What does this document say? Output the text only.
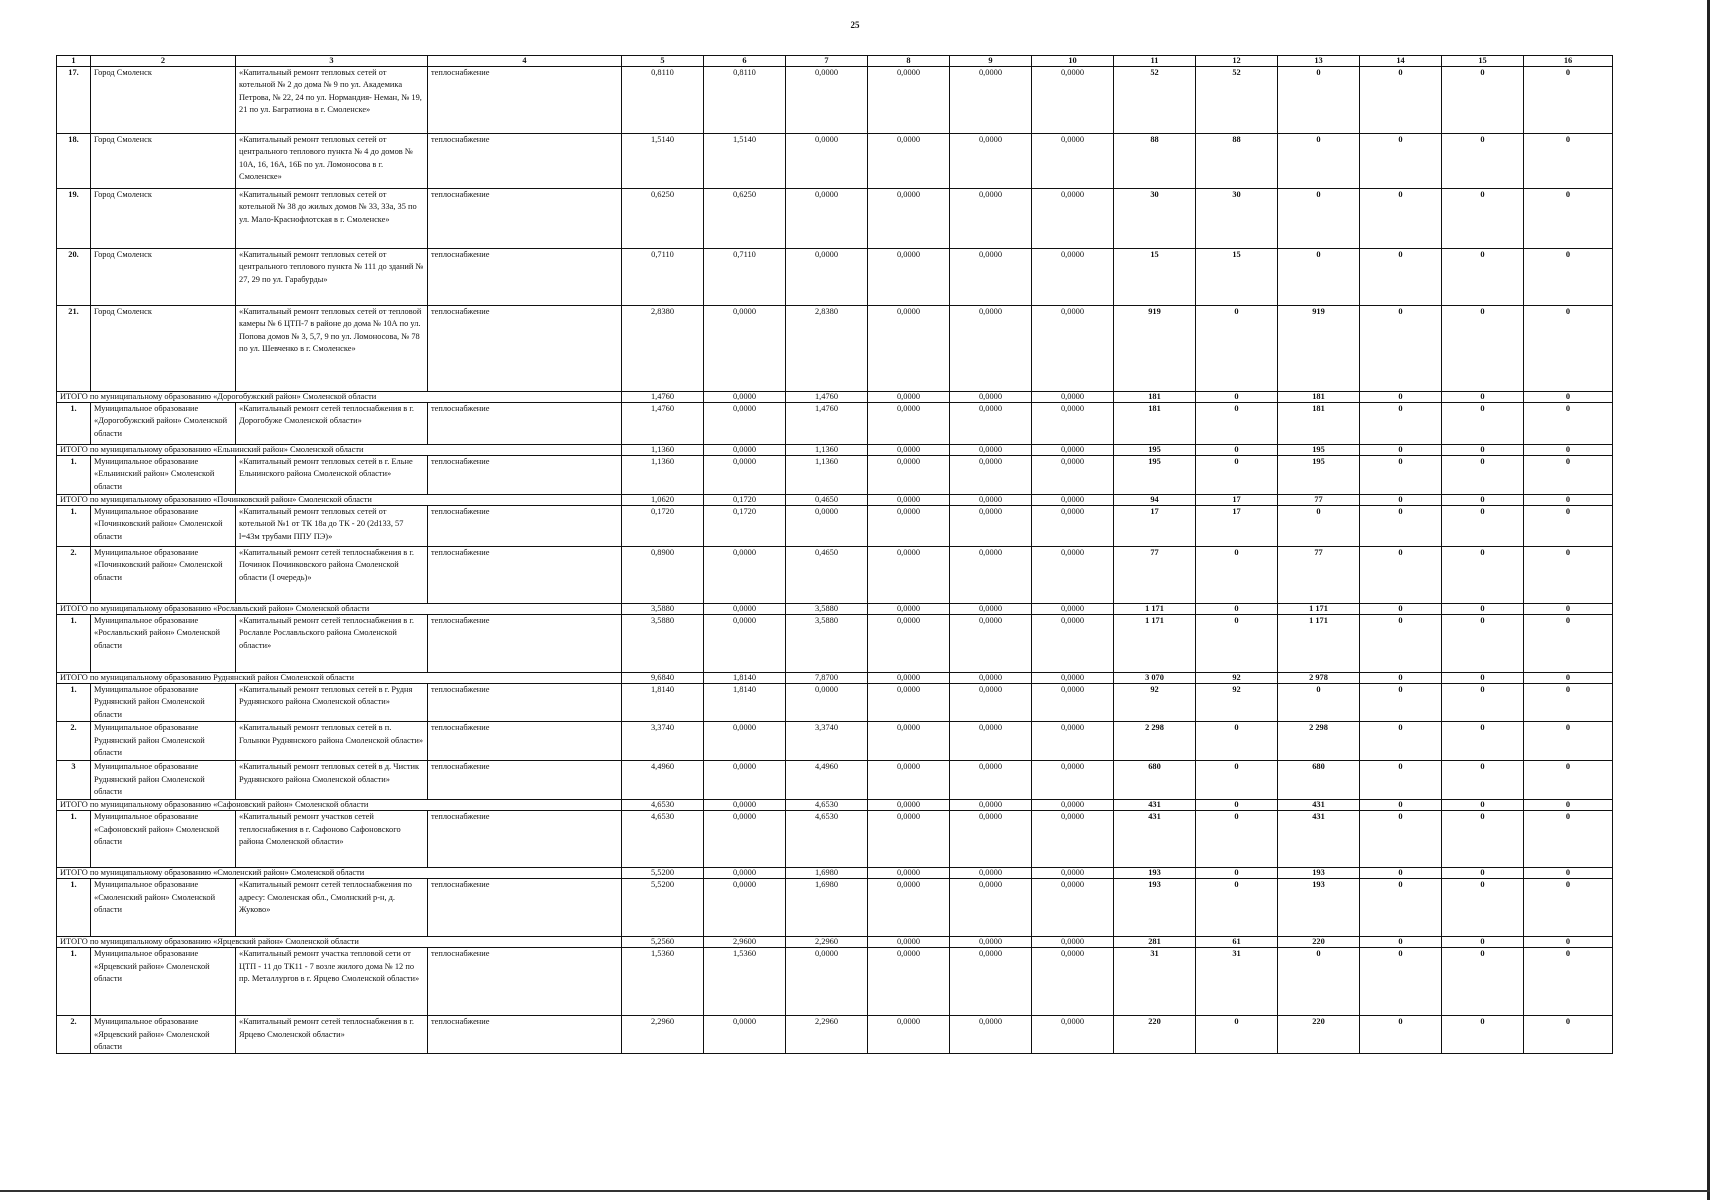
25
1	2	3	4	5	6	7	8	9	10	11	12	13	14	15	16
17.	Город Смоленск	«Капитальный ремонт тепловых сетей от котельной № 2 до дома № 9 по ул. Академика Петрова, № 22, 24 по ул. Нормандия- Неман, № 19, 21 по ул. Багратиона в г. Смоленске»	теплоснабжение	0,8110	0,8110	0,0000	0,0000	0,0000	0,0000	52	52	0	0	0	0
18.	Город Смоленск	«Капитальный ремонт тепловых сетей от центрального теплового пункта № 4 до домов № 10А, 16, 16А, 16Б по ул. Ломоносова в г. Смоленске»	теплоснабжение	1,5140	1,5140	0,0000	0,0000	0,0000	0,0000	88	88	0	0	0	0
19.	Город Смоленск	«Капитальный ремонт тепловых сетей от котельной № 38 до жилых домов № 33, 33а, 35 по ул. Мало-Краснофлотская в г. Смоленске»	теплоснабжение	0,6250	0,6250	0,0000	0,0000	0,0000	0,0000	30	30	0	0	0	0
20.	Город Смоленск	«Капитальный ремонт тепловых сетей от центрального теплового пункта № 111 до зданий № 27, 29 по ул. Гарабурды»	теплоснабжение	0,7110	0,7110	0,0000	0,0000	0,0000	0,0000	15	15	0	0	0	0
21.	Город Смоленск	«Капитальный ремонт тепловых сетей от тепловой камеры № 6 ЦТП-7 в районе до дома № 10А по ул. Попова домов № 3, 5,7, 9 по ул. Ломоносова, № 78 по ул. Шевченко в г. Смоленске»	теплоснабжение	2,8380	0,0000	2,8380	0,0000	0,0000	0,0000	919	0	919	0	0	0
ИТОГО по муниципальному образованию «Дорогобужский район» Смоленской области				1,4760	0,0000	1,4760	0,0000	0,0000	0,0000	181	0	181	0	0	0
1.	Муниципальное образование «Дорогобужский район» Смоленской области	«Капитальный ремонт сетей теплоснабжения в г. Дорогобуже Смоленской области»	теплоснабжение	1,4760	0,0000	1,4760	0,0000	0,0000	0,0000	181	0	181	0	0	0
ИТОГО по муниципальному образованию «Ельнинский район» Смоленской области				1,1360	0,0000	1,1360	0,0000	0,0000	0,0000	195	0	195	0	0	0
1.	Муниципальное образование «Ельнинский район» Смоленской области	«Капитальный ремонт тепловых сетей в г. Ельне Ельнинского района Смоленской области»	теплоснабжение	1,1360	0,0000	1,1360	0,0000	0,0000	0,0000	195	0	195	0	0	0
ИТОГО по муниципальному образованию «Починковский район» Смоленской области				1,0620	0,1720	0,4650	0,0000	0,0000	0,0000	94	17	77	0	0	0
1.	Муниципальное образование «Починковский район» Смоленской области	«Капитальный ремонт тепловых сетей от котельной №1 от ТК 18а до ТК - 20 (2d133, 57 l=43м трубами ППУ ПЭ)»	теплоснабжение	0,1720	0,1720	0,0000	0,0000	0,0000	0,0000	17	17	0	0	0	0
2.	Муниципальное образование «Починковский район» Смоленской области	«Капитальный ремонт сетей теплоснабжения в г. Починок Починковского района Смоленской области (I очередь)»	теплоснабжение	0,8900	0,0000	0,4650	0,0000	0,0000	0,0000	77	0	77	0	0	0
ИТОГО по муниципальному образованию «Рославльский район» Смоленской области				3,5880	0,0000	3,5880	0,0000	0,0000	0,0000	1 171	0	1 171	0	0	0
1.	Муниципальное образование «Рославльский район» Смоленской области	«Капитальный ремонт сетей теплоснабжения в г. Рославле Рославльского района Смоленской области»	теплоснабжение	3,5880	0,0000	3,5880	0,0000	0,0000	0,0000	1 171	0	1 171	0	0	0
ИТОГО по муниципальному образованию Руднянский район Смоленской области				9,6840	1,8140	7,8700	0,0000	0,0000	0,0000	3 070	92	2 978	0	0	0
1.	Муниципальное образование Руднянский район Смоленской области	«Капитальный ремонт тепловых сетей в г. Рудня Руднянского района Смоленской области»	теплоснабжение	1,8140	1,8140	0,0000	0,0000	0,0000	0,0000	92	92	0	0	0	0
2.	Муниципальное образование Руднянский район Смоленской области	«Капитальный ремонт тепловых сетей в п. Голынки Руднянского района Смоленской области»	теплоснабжение	3,3740	0,0000	3,3740	0,0000	0,0000	0,0000	2 298	0	2 298	0	0	0
3	Муниципальное образование Руднянский район Смоленской области	«Капитальный ремонт тепловых сетей в д. Чистик Руднянского района Смоленской области»	теплоснабжение	4,4960	0,0000	4,4960	0,0000	0,0000	0,0000	680	0	680	0	0	0
ИТОГО по муниципальному образованию «Сафоновский район» Смоленской области				4,6530	0,0000	4,6530	0,0000	0,0000	0,0000	431	0	431	0	0	0
1.	Муниципальное образование «Сафоновский район» Смоленской области	«Капитальный ремонт участков сетей теплоснабжения в г. Сафоново Сафоновского района Смоленской области»	теплоснабжение	4,6530	0,0000	4,6530	0,0000	0,0000	0,0000	431	0	431	0	0	0
ИТОГО по муниципальному образованию «Смоленский район» Смоленской области				5,5200	0,0000	1,6980	0,0000	0,0000	0,0000	193	0	193	0	0	0
1.	Муниципальное образование «Смоленский район» Смоленской области	«Капитальный ремонт сетей теплоснабжения по адресу: Смоленская обл., Смолнский р-н, д. Жуково»	теплоснабжение	5,5200	0,0000	1,6980	0,0000	0,0000	0,0000	193	0	193	0	0	0
ИТОГО по муниципальному образованию «Ярцевский район» Смоленской области				5,2560	2,9600	2,2960	0,0000	0,0000	0,0000	281	61	220	0	0	0
1.	Муниципальное образование «Ярцевский район» Смоленской области	«Капитальный ремонт участка тепловой сети от ЦТП - 11 до ТК11 - 7 возле жилого дома № 12 по пр. Металлургов в г. Ярцево Смоленской области»	теплоснабжение	1,5360	1,5360	0,0000	0,0000	0,0000	0,0000	31	31	0	0	0	0
2.	Муниципальное образование «Ярцевский район» Смоленской области	«Капитальный ремонт сетей теплоснабжения в г. Ярцево Смоленской области»	теплоснабжение	2,2960	0,0000	2,2960	0,0000	0,0000	0,0000	220	0	220	0	0	0
